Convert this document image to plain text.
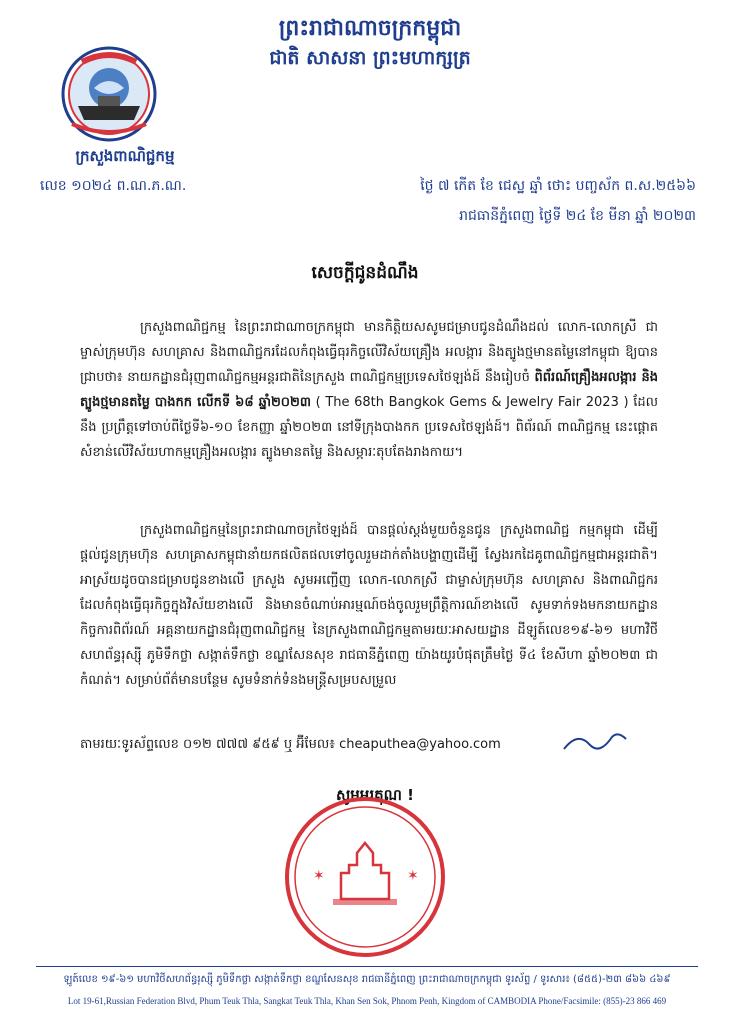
ព្រះរាជាណាចក្រកម្ពុជា
ជាតិ សាសនា ព្រះមហាក្សត្រ
ក្រសួងពាណិជ្ជកម្ម
លេខ ១០២៤ ព.ណ.ភ.ណ.	ថ្ងៃ ៧ កើត ខែ ជេស្ឋ ឆ្នាំ ថោះ បញ្ចស័ក ព.ស.២៥៦៦
រាជធានីភ្នំពេញ ថ្ងៃទី ២៤ ខែ មីនា ឆ្នាំ ២០២៣
សេចក្តីជូនដំណឹង
ក្រសួងពាណិជ្ជកម្ម នៃព្រះរាជាណាចក្រកម្ពុជា មានកិត្តិយសសូមជម្រាបជូនដំណឹងដល់ លោក-លោកស្រី ជាម្ចាស់ក្រុមហ៊ុន សហគ្រាស និងពាណិជ្ជករដែលកំពុងធ្វើធុរកិច្ចលើវិស័យគ្រឿង អលង្ការ និងត្បូងថ្មមានតម្លៃនៅកម្ពុជា ឱ្យបានជ្រាបថា៖ នាយកដ្ឋានជំរុញពាណិជ្ជកម្មអន្តរជាតិនៃក្រសួង ពាណិជ្ជកម្មប្រទេសថៃឡង់ដ៍ នឹងរៀបចំ ពិព័រណ៍គ្រឿងអលង្ការ និងត្បូងថ្មមានតម្លៃ បាងកក លើកទី ៦៨ ឆ្នាំ២០២៣ ( The 68th Bangkok Gems & Jewelry Fair 2023 ) ដែលនឹង ប្រព្រឹត្តទៅចាប់ពីថ្ងៃទី៦-១០ ខែកញ្ញា ឆ្នាំ២០២៣ នៅទីក្រុងបាងកក ប្រទេសថៃឡង់ដ៍។ ពិព័រណ៍ ពាណិជ្ជកម្ម នេះផ្តោតសំខាន់លើវិស័យហាកម្មគ្រឿងអលង្ការ ត្បូងមានតម្លៃ និងសម្ភារៈតុបតែងរាងកាយ។
ក្រសួងពាណិជ្ជកម្មនៃព្រះរាជាណាចក្រថៃឡង់ដ៍ បានផ្តល់ស្តង់មួយចំនួនជូន ក្រសួងពាណិជ្ជ កម្មកម្ពុជា ដើម្បីផ្តល់ជូនក្រុមហ៊ុន សហគ្រាសកម្ពុជានាំយកផលិតផលទៅចូលរួមដាក់តាំងបង្ហាញដើម្បី ស្វែងរកដៃគូពាណិជ្ជកម្មជាអន្តរជាតិ។ អាស្រ័យដូចបានជម្រាបជូនខាងលើ ក្រសួង សូមអញ្ជើញ លោក-លោកស្រី ជាម្ចាស់ក្រុមហ៊ុន សហគ្រាស និងពាណិជ្ជករដែលកំពុងធ្វើធុរកិច្ចក្នុងវិស័យខាងលើ និងមានចំណាប់អារម្មណ៍ចង់ចូលរួមព្រឹត្តិការណ៍ខាងលើ សូមទាក់ទងមកនាយកដ្ឋានកិច្ចការពិព័រណ៍ អគ្គនាយកដ្ឋានជំរុញពាណិជ្ជកម្ម នៃក្រសួងពាណិជ្ជកម្មតាមរយៈអាសយដ្ឋាន ដីឡូត៍លេខ១៩-៦១ មហាវិថីសហព័ន្ធរុស្ស៊ី ភូមិទឹកថ្លា សង្កាត់ទឹកថ្លា ខណ្ឌសែនសុខ រាជធានីភ្នំពេញ យ៉ាងយូរបំផុតត្រឹមថ្ងៃ ទី៤ ខែសីហា ឆ្នាំ២០២៣ ជាកំណត់។ សម្រាប់ព័ត៌មានបន្ថែម សូមទំនាក់ទំនងមន្ត្រីសម្របសម្រួល
តាមរយៈទូរស័ព្ទលេខ ០១២ ៧៧៧ ៩៥៩ ឬ អ៊ីមែល៖ cheaputhea@yahoo.com
សូមអរគុណ !
✶	✶
ឡូត៍លេខ ១៩-៦១ មហាវិថីសហព័ន្ធរុស្ស៊ី ភូមិទឹកថ្លា សង្កាត់ទឹកថ្លា ខណ្ឌសែនសុខ រាជធានីភ្នំពេញ ព្រះរាជាណាចក្រកម្ពុជា ទូរស័ព្ទ / ទូរសារ៖ (៨៥៥)-២៣ ៨៦៦ ៤៦៩
Lot 19-61,Russian Federation Blvd, Phum Teuk Thla, Sangkat Teuk Thla, Khan Sen Sok, Phnom Penh, Kingdom of CAMBODIA Phone/Facsimile: (855)-23 866 469
